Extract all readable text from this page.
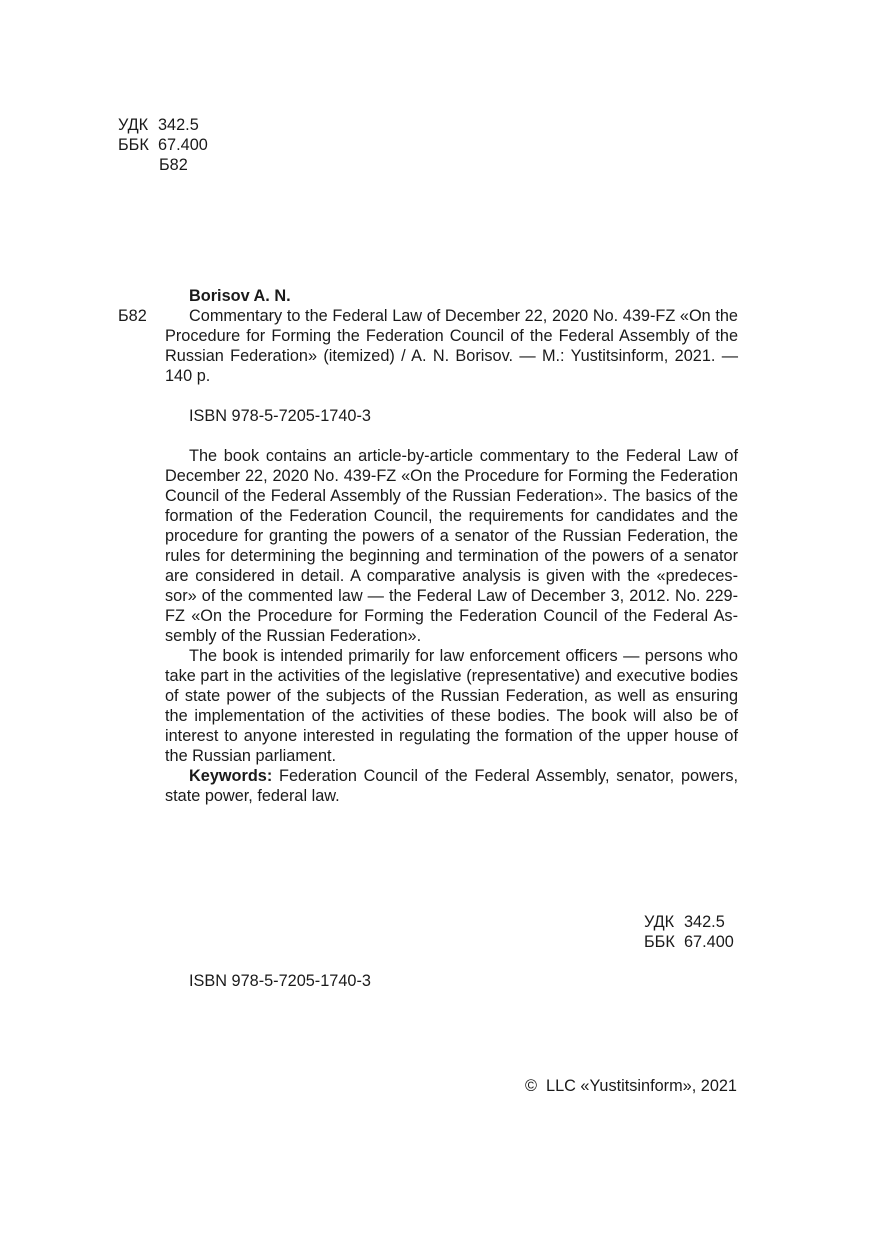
УДК 342.5
ББК 67.400
Б82
Borisov A. N.
Б82	Commentary to the Federal Law of December 22, 2020 No. 439-FZ «On the Procedure for Forming the Federation Council of the Federal Assembly of the Russian Federation» (itemized) / A. N. Borisov. — M.: Yustitsinform, 2021. — 140 p.

ISBN 978-5-7205-1740-3

The book contains an article-by-article commentary to the Federal Law of December 22, 2020 No. 439-FZ «On the Procedure for Forming the Federation Council of the Federal Assembly of the Russian Federation». The basics of the formation of the Federation Council, the requirements for candidates and the procedure for granting the powers of a senator of the Russian Federation, the rules for determining the beginning and termination of the powers of a senator are considered in detail. A comparative analysis is given with the «predecessor» of the commented law — the Federal Law of December 3, 2012. No. 229-FZ «On the Procedure for Forming the Federation Council of the Federal Assembly of the Russian Federation».

The book is intended primarily for law enforcement officers — persons who take part in the activities of the legislative (representative) and executive bodies of state power of the subjects of the Russian Federation, as well as ensuring the implementation of the activities of these bodies. The book will also be of interest to anyone interested in regulating the formation of the upper house of the Russian parliament.

Keywords: Federation Council of the Federal Assembly, senator, powers, state power, federal law.

УДК 342.5
ББК 67.400
ISBN 978-5-7205-1740-3
©  LLC «Yustitsinform», 2021
